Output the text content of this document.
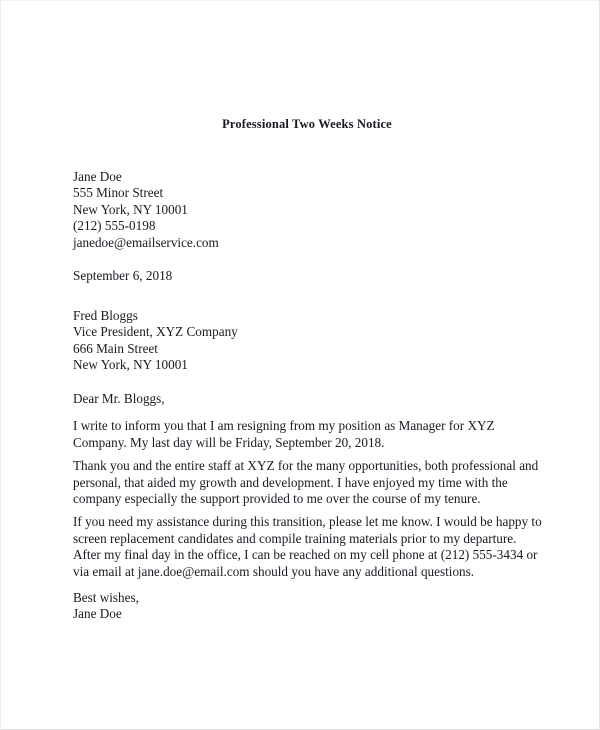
Professional Two Weeks Notice
Jane Doe
555 Minor Street
New York, NY 10001
(212) 555-0198
janedoe@emailservice.com
September 6, 2018
Fred Bloggs
Vice President, XYZ Company
666 Main Street
New York, NY 10001
Dear Mr. Bloggs,
I write to inform you that I am resigning from my position as Manager for XYZ Company. My last day will be Friday, September 20, 2018.
Thank you and the entire staff at XYZ for the many opportunities, both professional and personal, that aided my growth and development. I have enjoyed my time with the company especially the support provided to me over the course of my tenure.
If you need my assistance during this transition, please let me know. I would be happy to screen replacement candidates and compile training materials prior to my departure. After my final day in the office, I can be reached on my cell phone at (212) 555-3434 or via email at jane.doe@email.com should you have any additional questions.
Best wishes,
Jane Doe
